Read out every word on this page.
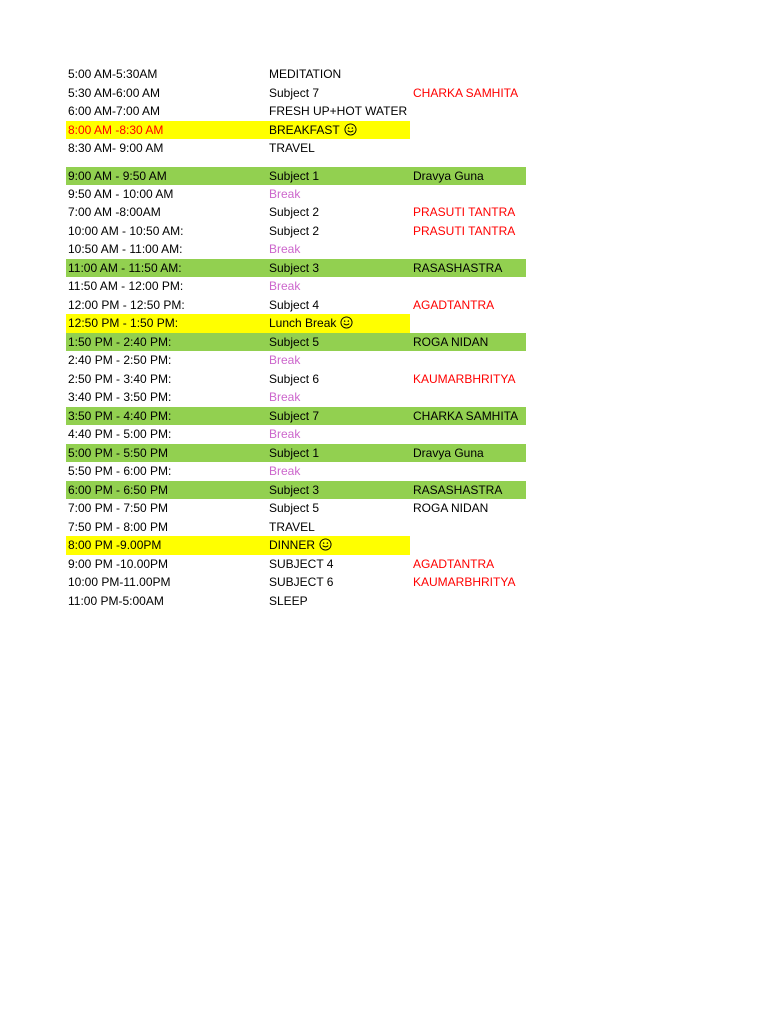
5:00 AM-5:30AM	MEDITATION
5:30 AM-6:00 AM	Subject 7	CHARKA SAMHITA
6:00 AM-7:00 AM	FRESH UP+HOT WATER
8:00 AM -8:30 AM	BREAKFAST
8:30 AM- 9:00 AM	TRAVEL
9:00 AM - 9:50 AM	Subject 1	Dravya Guna
9:50 AM - 10:00 AM	Break
7:00 AM -8:00AM	Subject 2	PRASUTI TANTRA
10:00 AM - 10:50 AM:	Subject 2	PRASUTI TANTRA
10:50 AM - 11:00 AM:	Break
11:00 AM - 11:50 AM:	Subject 3	RASASHASTRA
11:50 AM - 12:00 PM:	Break
12:00 PM - 12:50 PM:	Subject 4	AGADTANTRA
12:50 PM - 1:50 PM:	Lunch Break
1:50 PM - 2:40 PM:	Subject 5	ROGA NIDAN
2:40 PM - 2:50 PM:	Break
2:50 PM - 3:40 PM:	Subject 6	KAUMARBHRITYA
3:40 PM - 3:50 PM:	Break
3:50 PM - 4:40 PM:	Subject 7	CHARKA SAMHITA
4:40 PM - 5:00 PM:	Break
5:00 PM - 5:50 PM	Subject 1	Dravya Guna
5:50 PM - 6:00 PM:	Break
6:00 PM - 6:50 PM	Subject 3	RASASHASTRA
7:00 PM - 7:50 PM	Subject 5	ROGA NIDAN
7:50 PM - 8:00 PM	TRAVEL
8:00 PM -9.00PM	DINNER
9:00 PM -10.00PM	SUBJECT 4	AGADTANTRA
10:00 PM-11.00PM	SUBJECT 6	KAUMARBHRITYA
11:00 PM-5:00AM	SLEEP
